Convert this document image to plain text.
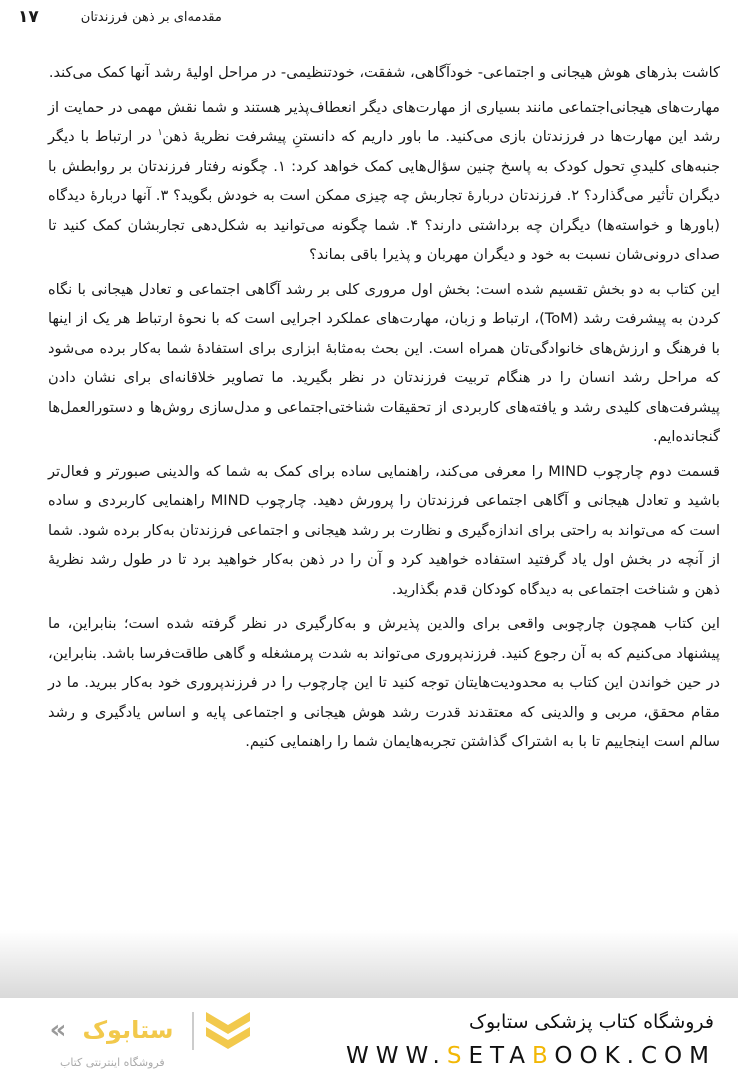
۱۷	مقدمه‌ای بر ذهن فرزندتان

کاشت بذرهای هوش هیجانی و اجتماعی- خودآگاهی، شفقت، خودتنظیمی- در مراحل اولیهٔ رشد آنها کمک می‌کند.

مهارت‌های هیجانی‌اجتماعی مانند بسیاری از مهارت‌های دیگر انعطاف‌پذیر هستند و شما نقش مهمی در حمایت از رشد این مهارت‌ها در فرزندتان بازی می‌کنید. ما باور داریم که دانستنِ پیشرفت نظریهٔ ذهن$^۱$ در ارتباط با دیگر جنبه‌های کلیدیِ تحول کودک به پاسخ چنین سؤال‌هایی کمک خواهد کرد: ۱. چگونه رفتار فرزندتان بر روابطش با دیگران تأثیر می‌گذارد؟ ۲. فرزندتان دربارهٔ تجاربش چه چیزی ممکن است به خودش بگوید؟ ۳. آنها دربارهٔ دیدگاه (باورها و خواسته‌ها) دیگران چه برداشتی دارند؟ ۴. شما چگونه می‌توانید به شکل‌دهی تجاربشان کمک کنید تا صدای درونی‌شان نسبت به خود و دیگران مهربان و پذیرا باقی بماند؟

این کتاب به دو بخش تقسیم شده است: بخش اول مروری کلی بر رشد آگاهی اجتماعی و تعادل هیجانی با نگاه کردن به پیشرفت رشد (ToM)، ارتباط و زبان، مهارت‌های عملکرد اجرایی است که با نحوهٔ ارتباط هر یک از اینها با فرهنگ و ارزش‌های خانوادگی‌تان همراه است. این بحث به‌مثابهٔ ابزاری برای استفادهٔ شما به‌کار برده می‌شود که مراحل رشد انسان را در هنگام تربیت فرزندتان در نظر بگیرید. ما تصاویر خلاقانه‌ای برای نشان دادن پیشرفت‌های کلیدی رشد و یافته‌های کاربردی از تحقیقات شناختی‌اجتماعی و مدل‌سازی روش‌ها و دستورالعمل‌ها گنجانده‌ایم.

قسمت دوم چارچوب MIND را معرفی می‌کند، راهنمایی ساده برای کمک به شما که والدینی صبورتر و فعال‌تر باشید و تعادل هیجانی و آگاهی اجتماعی فرزندتان را پرورش دهید. چارچوب MIND راهنمایی کاربردی و ساده است که می‌تواند به راحتی برای اندازه‌گیری و نظارت بر رشد هیجانی و اجتماعی فرزندتان به‌کار برده شود. شما از آنچه در بخش اول یاد گرفتید استفاده خواهید کرد و آن را در ذهن به‌کار خواهید برد تا در طول رشد نظریهٔ ذهن و شناخت اجتماعی به دیدگاه کودکان قدم بگذارید.

این کتاب همچون چارچوبی واقعی برای والدین پذیرش و به‌کارگیری در نظر گرفته شده است؛ بنابراین، ما پیشنهاد می‌کنیم که به آن رجوع کنید. فرزندپروری می‌تواند به شدت پرمشغله و گاهی طاقت‌فرسا باشد. بنابراین، در حین خواندن این کتاب به محدودیت‌هایتان توجه کنید تا این چارچوب را در فرزندپروری خود به‌کار ببرید. ما در مقام محقق، مربی و والدینی که معتقدند قدرت رشد هوش هیجانی و اجتماعی پایه و اساس یادگیری و رشد سالم است اینجاییم تا با به اشتراک گذاشتن تجربه‌هایمان شما را راهنمایی کنیم.

« ستابوک
فروشگاه اینترنتی کتاب
فروشگاه کتاب پزشکی ستابوک
WWW.SETABOOK.COM
